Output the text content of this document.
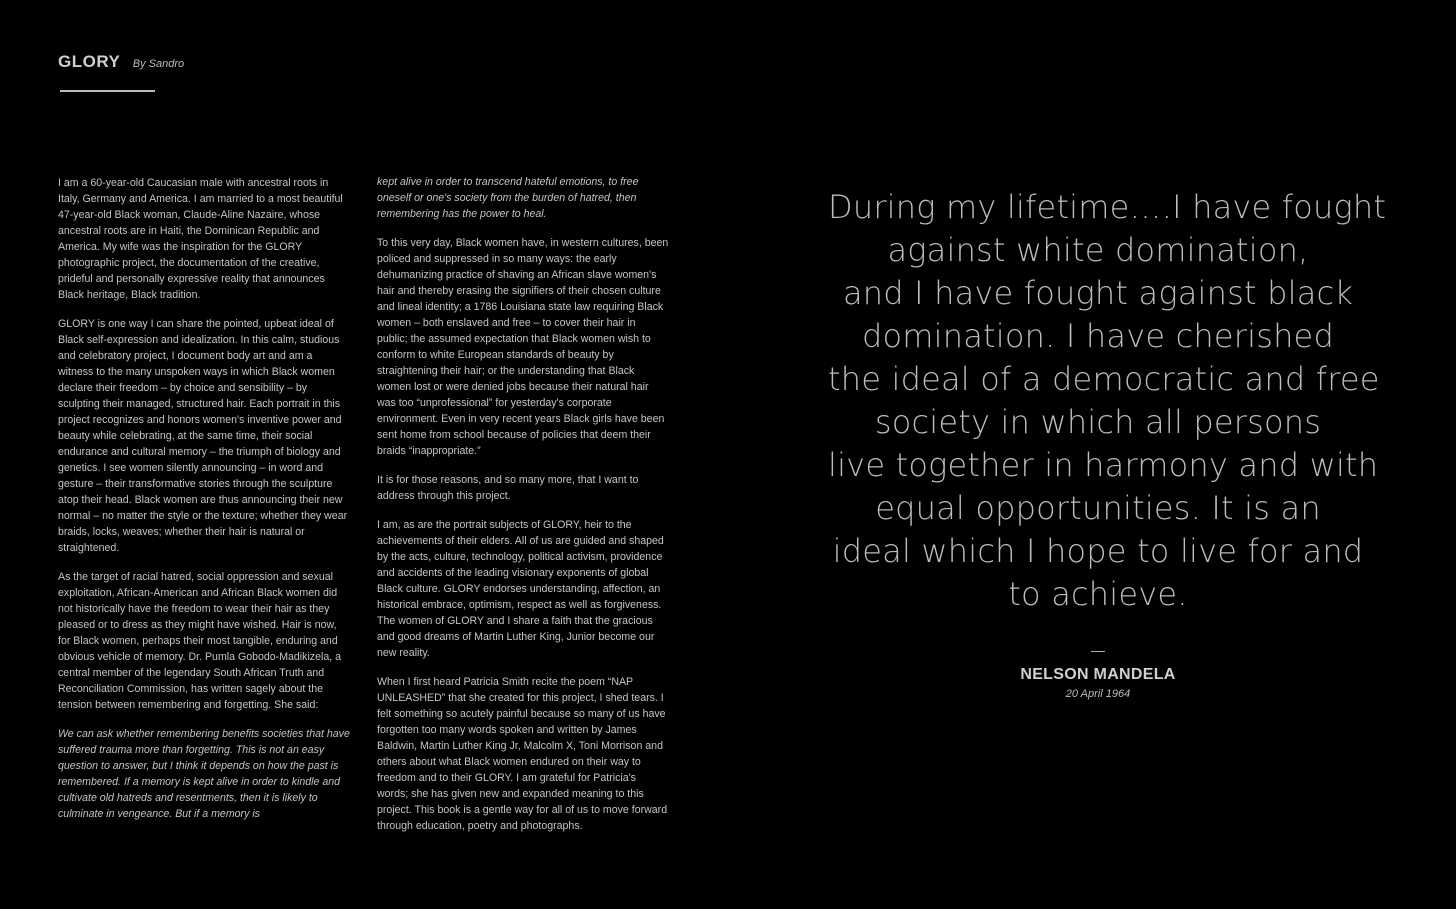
GLORY By Sandro

I am a 60-year-old Caucasian male with ancestral roots in Italy, Germany and America. I am married to a most beautiful 47-year-old Black woman, Claude-Aline Nazaire, whose ancestral roots are in Haiti, the Dominican Republic and America. My wife was the inspiration for the GLORY photographic project, the documentation of the creative, prideful and personally expressive reality that announces Black heritage, Black tradition.

GLORY is one way I can share the pointed, upbeat ideal of Black self-expression and idealization. In this calm, studious and celebratory project, I document body art and am a witness to the many unspoken ways in which Black women declare their freedom – by choice and sensibility – by sculpting their managed, structured hair. Each portrait in this project recognizes and honors women's inventive power and beauty while celebrating, at the same time, their social endurance and cultural memory – the triumph of biology and genetics. I see women silently announcing – in word and gesture – their transformative stories through the sculpture atop their head. Black women are thus announcing their new normal – no matter the style or the texture; whether they wear braids, locks, weaves; whether their hair is natural or straightened.

As the target of racial hatred, social oppression and sexual exploitation, African-American and African Black women did not historically have the freedom to wear their hair as they pleased or to dress as they might have wished. Hair is now, for Black women, perhaps their most tangible, enduring and obvious vehicle of memory. Dr. Pumla Gobodo-Madikizela, a central member of the legendary South African Truth and Reconciliation Commission, has written sagely about the tension between remembering and forgetting. She said:

We can ask whether remembering benefits societies that have suffered trauma more than forgetting. This is not an easy question to answer, but I think it depends on how the past is remembered. If a memory is kept alive in order to kindle and cultivate old hatreds and resentments, then it is likely to culminate in vengeance. But if a memory is

kept alive in order to transcend hateful emotions, to free oneself or one's society from the burden of hatred, then remembering has the power to heal.

To this very day, Black women have, in western cultures, been policed and suppressed in so many ways: the early dehumanizing practice of shaving an African slave women's hair and thereby erasing the signifiers of their chosen culture and lineal identity; a 1786 Louisiana state law requiring Black women – both enslaved and free – to cover their hair in public; the assumed expectation that Black women wish to conform to white European standards of beauty by straightening their hair; or the understanding that Black women lost or were denied jobs because their natural hair was too “unprofessional” for yesterday's corporate environment. Even in very recent years Black girls have been sent home from school because of policies that deem their braids “inappropriate.”

It is for those reasons, and so many more, that I want to address through this project.

I am, as are the portrait subjects of GLORY, heir to the achievements of their elders. All of us are guided and shaped by the acts, culture, technology, political activism, providence and accidents of the leading visionary exponents of global Black culture. GLORY endorses understanding, affection, an historical embrace, optimism, respect as well as forgiveness. The women of GLORY and I share a faith that the gracious and good dreams of Martin Luther King, Junior become our new reality.

When I first heard Patricia Smith recite the poem “NAP UNLEASHED” that she created for this project, I shed tears. I felt something so acutely painful because so many of us have forgotten too many words spoken and written by James Baldwin, Martin Luther King Jr, Malcolm X, Toni Morrison and others about what Black women endured on their way to freedom and to their GLORY. I am grateful for Patricia's words; she has given new and expanded meaning to this project. This book is a gentle way for all of us to move forward through education, poetry and photographs.

During my lifetime….I have fought
against white domination,
and I have fought against black
domination. I have cherished
the ideal of a democratic and free
society in which all persons
live together in harmony and with
equal opportunities. It is an
ideal which I hope to live for and
to achieve.
—
NELSON MANDELA
20 April 1964
